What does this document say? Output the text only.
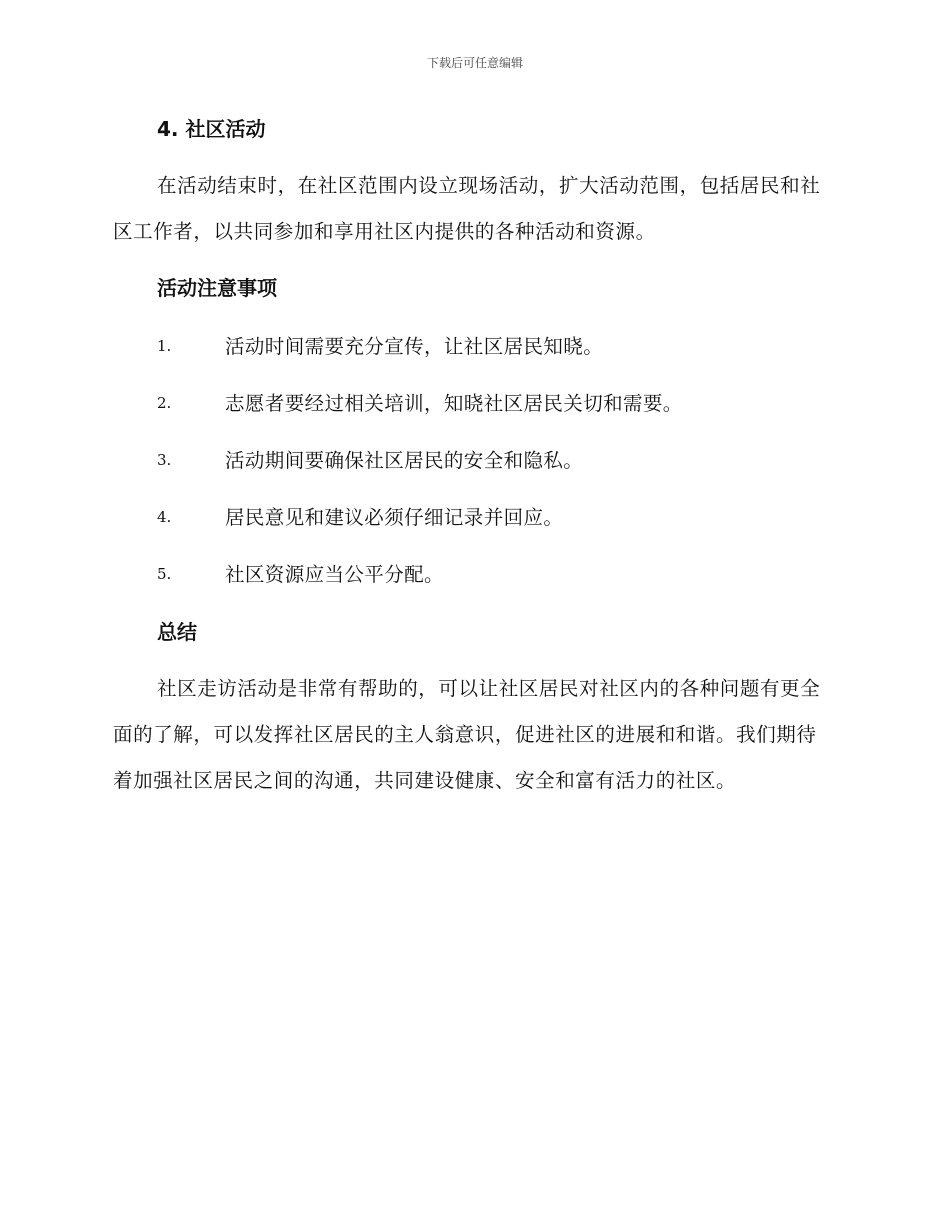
下载后可任意编辑
4. 社区活动
在活动结束时，在社区范围内设立现场活动，扩大活动范围，包括居民和社区工作者，以共同参加和享用社区内提供的各种活动和资源。
活动注意事项
1.	活动时间需要充分宣传，让社区居民知晓。
2.	志愿者要经过相关培训，知晓社区居民关切和需要。
3.	活动期间要确保社区居民的安全和隐私。
4.	居民意见和建议必须仔细记录并回应。
5.	社区资源应当公平分配。
总结
社区走访活动是非常有帮助的，可以让社区居民对社区内的各种问题有更全面的了解，可以发挥社区居民的主人翁意识，促进社区的进展和和谐。我们期待着加强社区居民之间的沟通，共同建设健康、安全和富有活力的社区。
